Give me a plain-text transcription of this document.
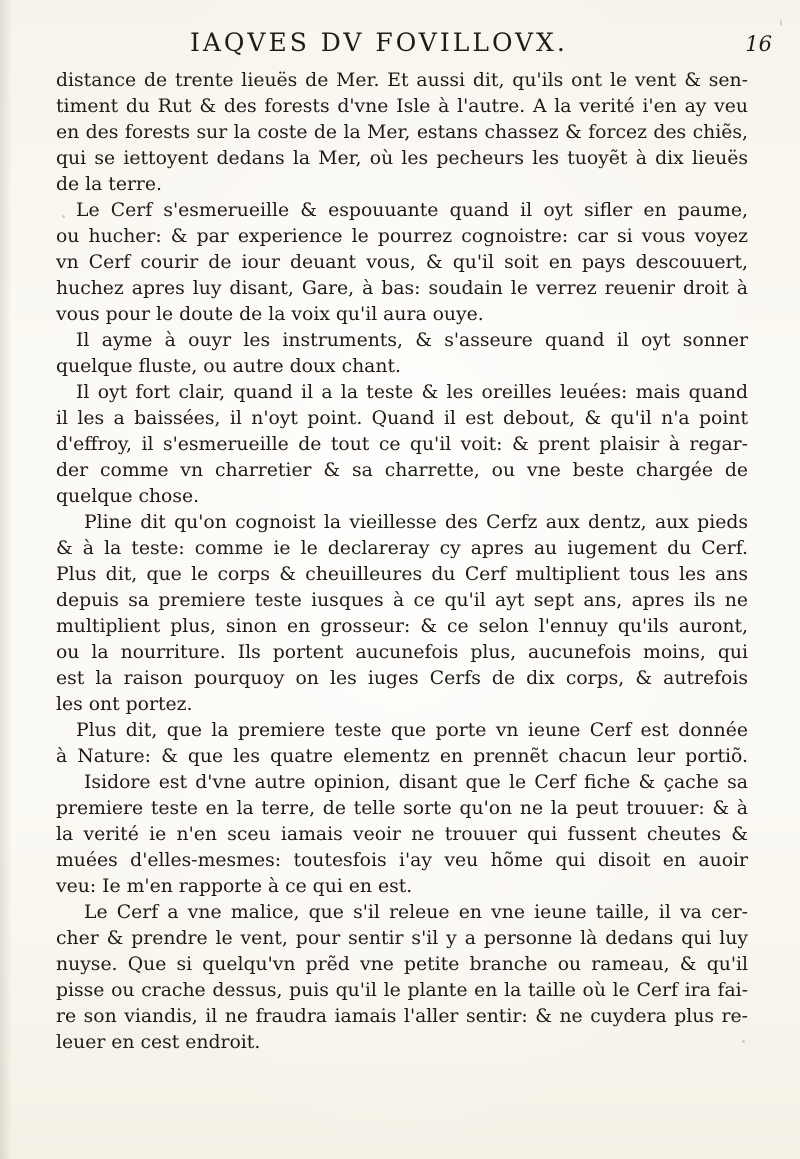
IAQVES DV FOVILLOVX.	16
distance de trente lieuës de Mer. Et aussi dit, qu'ils ont le vent & sen-
timent du Rut & des forests d'vne Isle à l'autre. A la verité i'en ay veu
en des forests sur la coste de la Mer, estans chassez & forcez des chiẽs,
qui se iettoyent dedans la Mer, où les pecheurs les tuoyẽt à dix lieuës
de la terre.
Le Cerf s'esmerueille & espouuante quand il oyt sifler en paume,
ou hucher: & par experience le pourrez cognoistre: car si vous voyez
vn Cerf courir de iour deuant vous, & qu'il soit en pays descouuert,
huchez apres luy disant, Gare, à bas: soudain le verrez reuenir droit à
vous pour le doute de la voix qu'il aura ouye.
Il ayme à ouyr les instruments, & s'asseure quand il oyt sonner
quelque fluste, ou autre doux chant.
Il oyt fort clair, quand il a la teste & les oreilles leuées: mais quand
il les a baissées, il n'oyt point. Quand il est debout, & qu'il n'a point
d'effroy, il s'esmerueille de tout ce qu'il voit: & prent plaisir à regar-
der comme vn charretier & sa charrette, ou vne beste chargée de
quelque chose.
Pline dit qu'on cognoist la vieillesse des Cerfz aux dentz, aux pieds
& à la teste: comme ie le declareray cy apres au iugement du Cerf.
Plus dit, que le corps & cheuilleures du Cerf multiplient tous les ans
depuis sa premiere teste iusques à ce qu'il ayt sept ans, apres ils ne
multiplient plus, sinon en grosseur: & ce selon l'ennuy qu'ils auront,
ou la nourriture. Ils portent aucunefois plus, aucunefois moins, qui
est la raison pourquoy on les iuges Cerfs de dix corps, & autrefois
les ont portez.
Plus dit, que la premiere teste que porte vn ieune Cerf est donnée
à Nature: & que les quatre elementz en prennẽt chacun leur portiõ.
Isidore est d'vne autre opinion, disant que le Cerf fiche & çache sa
premiere teste en la terre, de telle sorte qu'on ne la peut trouuer: & à
la verité ie n'en sceu iamais veoir ne trouuer qui fussent cheutes &
muées d'elles-mesmes: toutesfois i'ay veu hõme qui disoit en auoir
veu: Ie m'en rapporte à ce qui en est.
Le Cerf a vne malice, que s'il releue en vne ieune taille, il va cer-
cher & prendre le vent, pour sentir s'il y a personne là dedans qui luy
nuyse. Que si quelqu'vn prẽd vne petite branche ou rameau, & qu'il
pisse ou crache dessus, puis qu'il le plante en la taille où le Cerf ira fai-
re son viandis, il ne fraudra iamais l'aller sentir: & ne cuydera plus re-
leuer en cest endroit.
